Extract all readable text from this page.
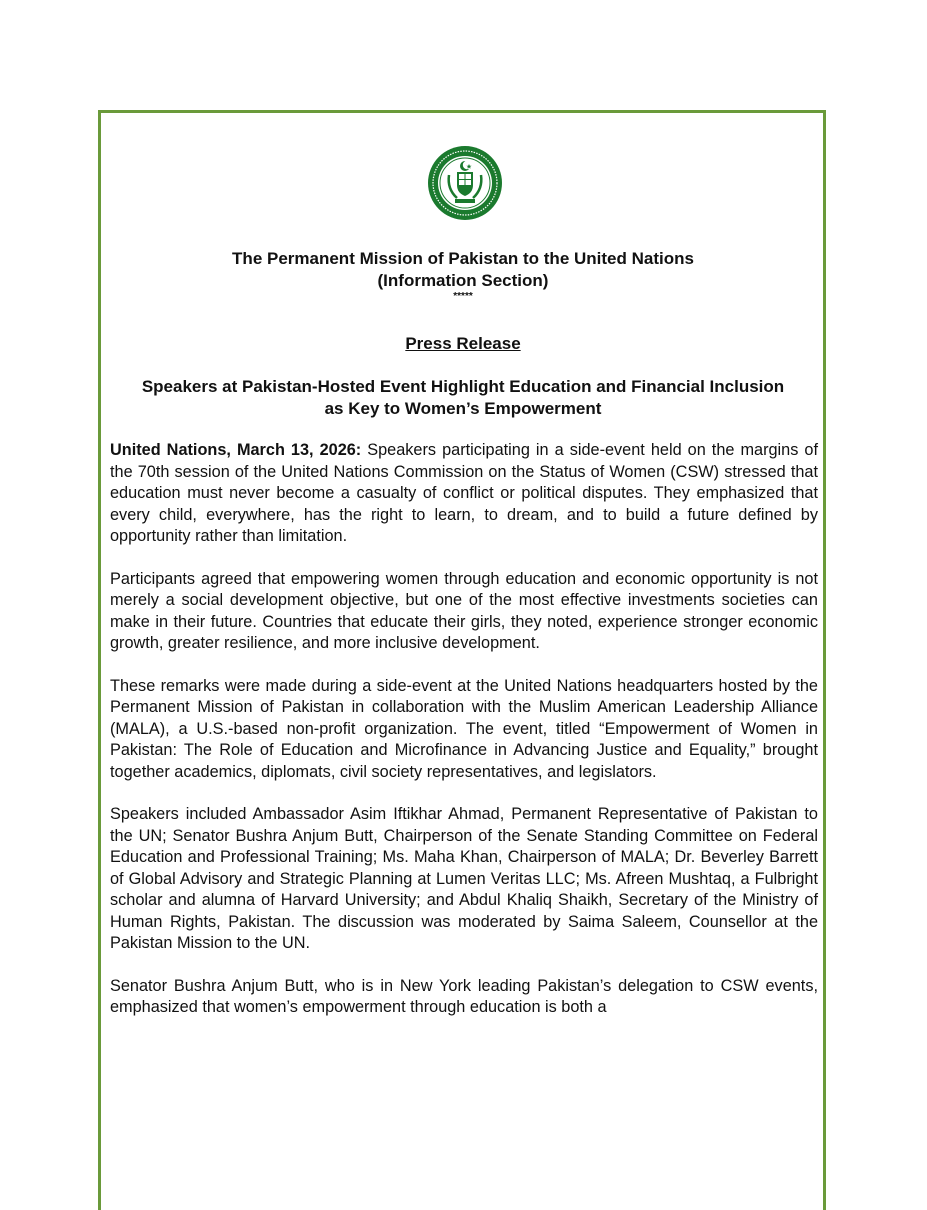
The Permanent Mission of Pakistan to the United Nations
(Information Section)
*****
Press Release
Speakers at Pakistan-Hosted Event Highlight Education and Financial Inclusion
as Key to Women’s Empowerment

United Nations, March 13, 2026: Speakers participating in a side-event held on the margins of the 70th session of the United Nations Commission on the Status of Women (CSW) stressed that education must never become a casualty of conflict or political disputes. They emphasized that every child, everywhere, has the right to learn, to dream, and to build a future defined by opportunity rather than limitation.

Participants agreed that empowering women through education and economic opportunity is not merely a social development objective, but one of the most effective investments societies can make in their future. Countries that educate their girls, they noted, experience stronger economic growth, greater resilience, and more inclusive development.

These remarks were made during a side-event at the United Nations headquarters hosted by the Permanent Mission of Pakistan in collaboration with the Muslim American Leadership Alliance (MALA), a U.S.-based non-profit organization. The event, titled “Empowerment of Women in Pakistan: The Role of Education and Microfinance in Advancing Justice and Equality,” brought together academics, diplomats, civil society representatives, and legislators.

Speakers included Ambassador Asim Iftikhar Ahmad, Permanent Representative of Pakistan to the UN; Senator Bushra Anjum Butt, Chairperson of the Senate Standing Committee on Federal Education and Professional Training; Ms. Maha Khan, Chairperson of MALA; Dr. Beverley Barrett of Global Advisory and Strategic Planning at Lumen Veritas LLC; Ms. Afreen Mushtaq, a Fulbright scholar and alumna of Harvard University; and Abdul Khaliq Shaikh, Secretary of the Ministry of Human Rights, Pakistan. The discussion was moderated by Saima Saleem, Counsellor at the Pakistan Mission to the UN.

Senator Bushra Anjum Butt, who is in New York leading Pakistan’s delegation to CSW events, emphasized that women’s empowerment through education is both a
